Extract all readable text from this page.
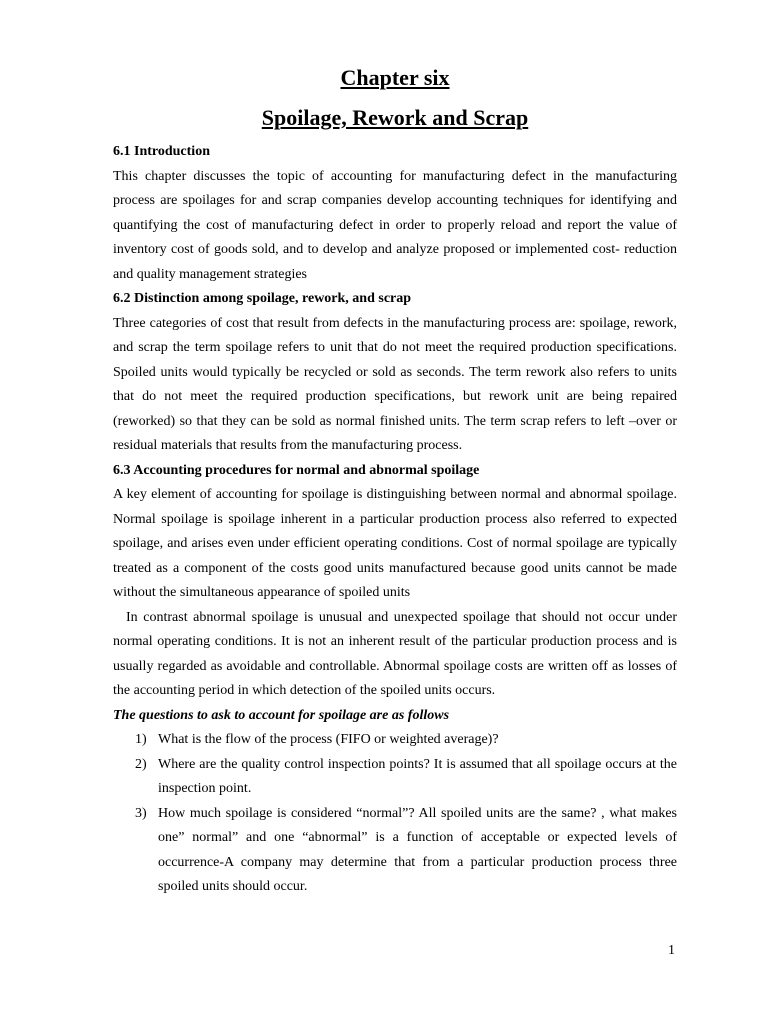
Chapter six
Spoilage, Rework and Scrap

6.1 Introduction

This chapter discusses the topic of accounting for manufacturing defect in the manufacturing process are spoilages for and scrap companies develop accounting techniques for identifying and quantifying the cost of manufacturing defect in order to properly reload and report the value of inventory cost of goods sold, and to develop and analyze proposed or implemented cost- reduction and quality management strategies

6.2 Distinction among spoilage, rework, and scrap

Three categories of cost that result from defects in the manufacturing process are: spoilage, rework, and scrap the term spoilage refers to unit that do not meet the required production specifications. Spoiled units would typically be recycled or sold as seconds. The term rework also refers to units that do not meet the required production specifications, but rework unit are being repaired (reworked) so that they can be sold as normal finished units. The term scrap refers to left –over or residual materials that results from the manufacturing process.

6.3 Accounting procedures for normal and abnormal spoilage

A key element of accounting for spoilage is distinguishing between normal and abnormal spoilage. Normal spoilage is spoilage inherent in a particular production process also referred to expected spoilage, and arises even under efficient operating conditions. Cost of normal spoilage are typically treated as a component of the costs good units manufactured because good units cannot be made without the simultaneous appearance of spoiled units

In contrast abnormal spoilage is unusual and unexpected spoilage that should not occur under normal operating conditions. It is not an inherent result of the particular production process and is usually regarded as avoidable and controllable. Abnormal spoilage costs are written off as losses of the accounting period in which detection of the spoiled units occurs.

The questions to ask to account for spoilage are as follows

1) What is the flow of the process (FIFO or weighted average)?
2) Where are the quality control inspection points? It is assumed that all spoilage occurs at the inspection point.
3) How much spoilage is considered “normal”? All spoiled units are the same? , what makes one” normal” and one “abnormal” is a function of acceptable or expected levels of occurrence-A company may determine that from a particular production process three spoiled units should occur.
1
